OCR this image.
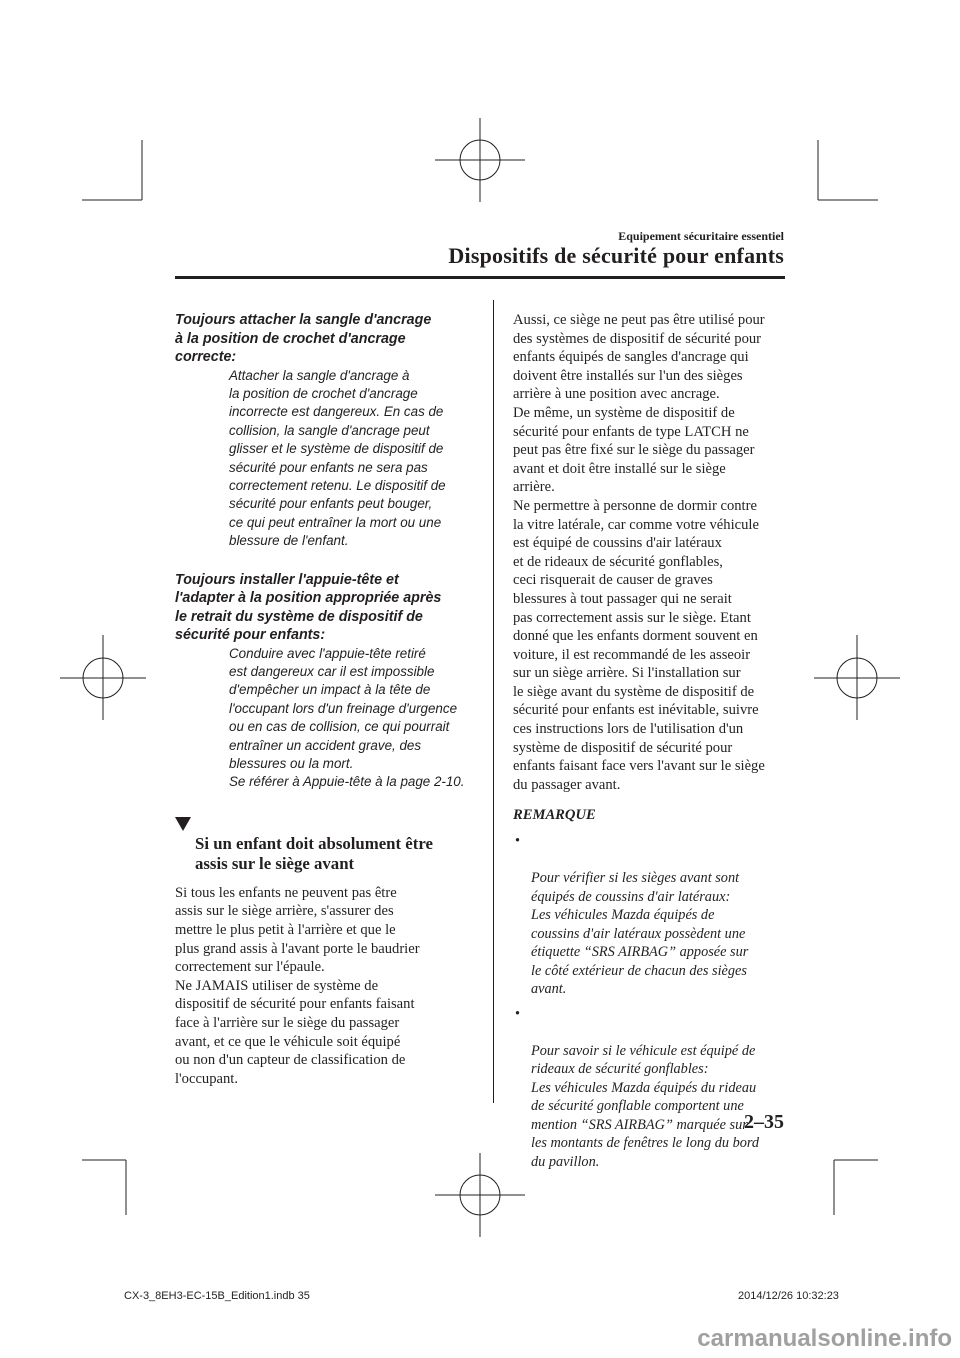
Equipement sécuritaire essentiel
Dispositifs de sécurité pour enfants
Toujours attacher la sangle d'ancrage
à la position de crochet d'ancrage
correcte:
Attacher la sangle d'ancrage à
la position de crochet d'ancrage
incorrecte est dangereux. En cas de
collision, la sangle d'ancrage peut
glisser et le système de dispositif de
sécurité pour enfants ne sera pas
correctement retenu. Le dispositif de
sécurité pour enfants peut bouger,
ce qui peut entraîner la mort ou une
blessure de l'enfant.
Toujours installer l'appuie-tête et
l'adapter à la position appropriée après
le retrait du système de dispositif de
sécurité pour enfants:
Conduire avec l'appuie-tête retiré
est dangereux car il est impossible
d'empêcher un impact à la tête de
l'occupant lors d'un freinage d'urgence
ou en cas de collision, ce qui pourrait
entraîner un accident grave, des
blessures ou la mort.
Se référer à Appuie-tête à la page 2-10.

Si un enfant doit absolument être
assis sur le siège avant

Si tous les enfants ne peuvent pas être
assis sur le siège arrière, s'assurer des
mettre le plus petit à l'arrière et que le
plus grand assis à l'avant porte le baudrier
correctement sur l'épaule.
Ne JAMAIS utiliser de système de
dispositif de sécurité pour enfants faisant
face à l'arrière sur le siège du passager
avant, et ce que le véhicule soit équipé
ou non d'un capteur de classification de
l'occupant.
Aussi, ce siège ne peut pas être utilisé pour
des systèmes de dispositif de sécurité pour
enfants équipés de sangles d'ancrage qui
doivent être installés sur l'un des sièges
arrière à une position avec ancrage.
De même, un système de dispositif de
sécurité pour enfants de type LATCH ne
peut pas être fixé sur le siège du passager
avant et doit être installé sur le siège
arrière.
Ne permettre à personne de dormir contre
la vitre latérale, car comme votre véhicule
est équipé de coussins d'air latéraux
et de rideaux de sécurité gonflables,
ceci risquerait de causer de graves
blessures à tout passager qui ne serait
pas correctement assis sur le siège. Etant
donné que les enfants dorment souvent en
voiture, il est recommandé de les asseoir
sur un siège arrière. Si l'installation sur
le siège avant du système de dispositif de
sécurité pour enfants est inévitable, suivre
ces instructions lors de l'utilisation d'un
système de dispositif de sécurité pour
enfants faisant face vers l'avant sur le siège
du passager avant.
REMARQUE

•

Pour vérifier si les sièges avant sont
équipés de coussins d'air latéraux:
Les véhicules Mazda équipés de
coussins d'air latéraux possèdent une
étiquette “SRS AIRBAG” apposée sur
le côté extérieur de chacun des sièges
avant.

•

Pour savoir si le véhicule est équipé de
rideaux de sécurité gonflables:
Les véhicules Mazda équipés du rideau
de sécurité gonflable comportent une
mention “SRS AIRBAG” marquée sur
les montants de fenêtres le long du bord
du pavillon.

2–35
CX-3_8EH3-EC-15B_Edition1.indb 35	2014/12/26 10:32:23
carmanualsonline.info
